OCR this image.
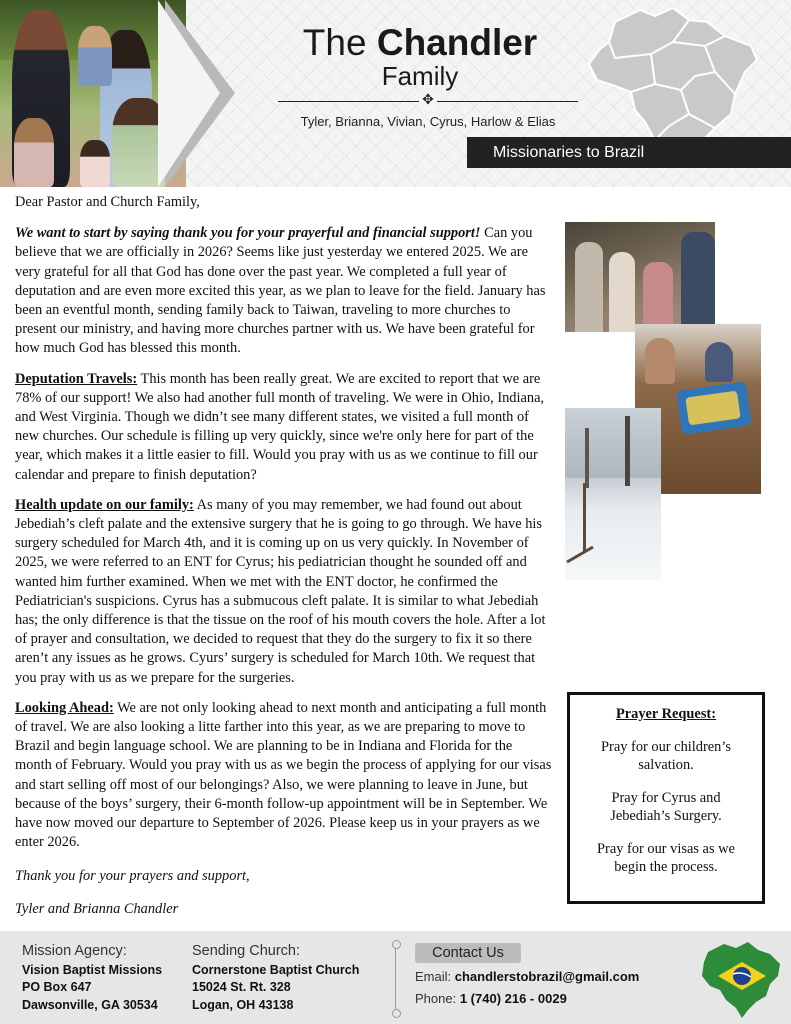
The Chandler
Family
✥
Tyler, Brianna, Vivian, Cyrus, Harlow & Elias
Missionaries to Brazil

Dear Pastor and Church Family,

We want to start by saying thank you for your prayerful and financial support! Can you believe that we are officially in 2026? Seems like just yesterday we entered 2025. We are very grateful for all that God has done over the past year. We completed a full year of deputation and are even more excited this year, as we plan to leave for the field. January has been an eventful month, sending family back to Taiwan, traveling to more churches to present our ministry, and having more churches partner with us. We have been grateful for how much God has blessed this month.

Deputation Travels: This month has been really great. We are excited to report that we are 78% of our support! We also had another full month of traveling. We were in Ohio, Indiana, and West Virginia. Though we didn’t see many different states, we visited a full month of new churches. Our schedule is filling up very quickly, since we're only here for part of the year, which makes it a little easier to fill. Would you pray with us as we continue to fill our calendar and prepare to finish deputation?

Health update on our family: As many of you may remember, we had found out about Jebediah’s cleft palate and the extensive surgery that he is going to go through. We have his surgery scheduled for March 4th, and it is coming up on us very quickly. In November of 2025, we were referred to an ENT for Cyrus; his pediatrician thought he sounded off and wanted him further examined. When we met with the ENT doctor, he confirmed the Pediatrician's suspicions. Cyrus has a submucous cleft palate. It is similar to what Jebediah has; the only difference is that the tissue on the roof of his mouth covers the hole. After a lot of prayer and consultation, we decided to request that they do the surgery to fix it so there aren’t any issues as he grows. Cyurs’ surgery is scheduled for March 10th. We request that you pray with us as we prepare for the surgeries.

Looking Ahead: We are not only looking ahead to next month and anticipating a full month of travel. We are also looking a litte farther into this year, as we are preparing to move to Brazil and begin language school. We are planning to be in Indiana and Florida for the month of February. Would you pray with us as we begin the process of applying for our visas and start selling off most of our belongings? Also, we were planning to leave in June, but because of the boys’ surgery, their 6-month follow-up appointment will be in September. We have now moved our departure to September of 2026. Please keep us in your prayers as we enter 2026.

Thank you for your prayers and support,

Tyler and Brianna Chandler

Prayer Request:

Pray for our children’s salvation.

Pray for Cyrus and Jebediah’s Surgery.

Pray for our visas as we begin the process.

Mission Agency:
Vision Baptist Missions
PO Box 647
Dawsonville, GA 30534
Sending Church:
Cornerstone Baptist Church
15024 St. Rt. 328
Logan, OH 43138
Contact Us
Email: chandlerstobrazil@gmail.com
Phone: 1 (740) 216 - 0029
